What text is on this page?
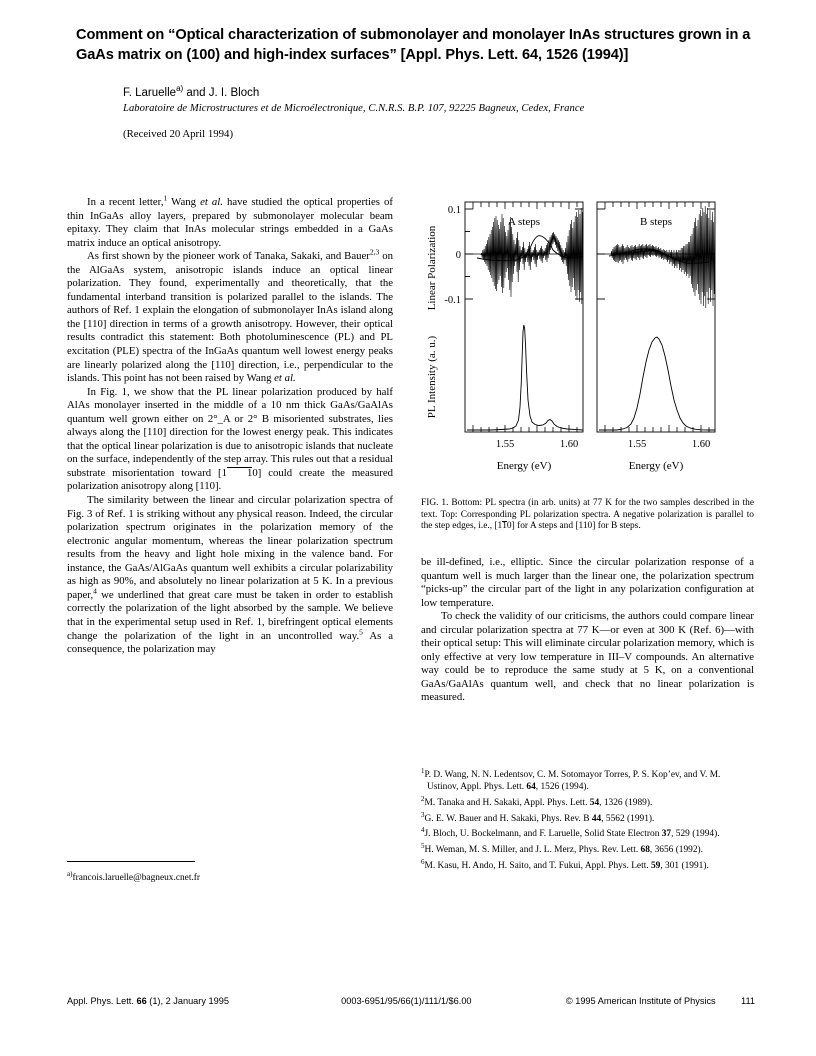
Comment on “Optical characterization of submonolayer and monolayer InAs structures grown in a GaAs matrix on (100) and high-index surfaces” [Appl. Phys. Lett. 64, 1526 (1994)]
F. Laruelle$^{a)}$ and J. I. Bloch
Laboratoire de Microstructures et de Microélectronique, C.N.R.S. B.P. 107, 92225 Bagneux, Cedex, France
(Received 20 April 1994)

In a recent letter,$^1$ Wang et al. have studied the optical properties of thin InGaAs alloy layers, prepared by submonolayer molecular beam epitaxy. They claim that InAs molecular strings embedded in a GaAs matrix induce an optical anisotropy.

As first shown by the pioneer work of Tanaka, Sakaki, and Bauer$^{2,3}$ on the AlGaAs system, anisotropic islands induce an optical linear polarization. They found, experimentally and theoretically, that the fundamental interband transition is polarized parallel to the islands. The authors of Ref. 1 explain the elongation of submonolayer InAs island along the [110] direction in terms of a growth anisotropy. However, their optical results contradict this statement: Both photoluminescence (PL) and PL excitation (PLE) spectra of the InGaAs quantum well lowest energy peaks are linearly polarized along the [110] direction, i.e., perpendicular to the islands. This point has not been raised by Wang et al.

In Fig. 1, we show that the PL linear polarization produced by half AlAs monolayer inserted in the middle of a 10 nm thick GaAs/GaAlAs quantum well grown either on 2°_A or 2° B misoriented substrates, lies always along the [110] direction for the lowest energy peak. This indicates that the optical linear polarization is due to anisotropic islands that nucleate on the surface, independently of the step array. This rules out that a residual substrate misorientation toward [1 10] could create the measured polarization anisotropy along [110].

The similarity between the linear and circular polarization spectra of Fig. 3 of Ref. 1 is striking without any physical reason. Indeed, the circular polarization spectrum originates in the polarization memory of the electronic angular momentum, whereas the linear polarization spectrum results from the heavy and light hole mixing in the valence band. For instance, the GaAs/AlGaAs quantum well exhibits a circular polarizability as high as 90%, and absolutely no linear polarization at 5 K. In a previous paper,$^4$ we underlined that great care must be taken in order to establish correctly the polarization of the light absorbed by the sample. We believe that in the experimental setup used in Ref. 1, birefringent optical elements change the polarization of the light in an uncontrolled way.$^5$ As a consequence, the polarization may

$^{a)}$francois.laruelle@bagneux.cnet.fr
Linear Polarization
PL Intensity (a. u.)
0.1
0
-0.1
A steps	B steps
1.55	1.60	1.55	1.60
Energy (eV)	Energy (eV)
FIG. 1. Bottom: PL spectra (in arb. units) at 77 K for the two samples described in the text. Top: Corresponding PL polarization spectra. A negative polarization is parallel to the step edges, i.e., [110] for A steps and [110] for B steps.

be ill-defined, i.e., elliptic. Since the circular polarization response of a quantum well is much larger than the linear one, the polarization spectrum “picks-up” the circular part of the light in any polarization configuration at low temperature.

To check the validity of our criticisms, the authors could compare linear and circular polarization spectra at 77 K—or even at 300 K (Ref. 6)—with their optical setup: This will eliminate circular polarization memory, which is only effective at very low temperature in III–V compounds. An alternative way could be to reproduce the same study at 5 K, on a conventional GaAs/GaAlAs quantum well, and check that no linear polarization is measured.

$^1$P. D. Wang, N. N. Ledentsov, C. M. Sotomayor Torres, P. S. Kop’ev, and V. M. Ustinov, Appl. Phys. Lett. 64, 1526 (1994).

$^2$M. Tanaka and H. Sakaki, Appl. Phys. Lett. 54, 1326 (1989).

$^3$G. E. W. Bauer and H. Sakaki, Phys. Rev. B 44, 5562 (1991).

$^4$J. Bloch, U. Bockelmann, and F. Laruelle, Solid State Electron 37, 529 (1994).

$^5$H. Weman, M. S. Miller, and J. L. Merz, Phys. Rev. Lett. 68, 3656 (1992).

$^6$M. Kasu, H. Ando, H. Saito, and T. Fukui, Appl. Phys. Lett. 59, 301 (1991).

Appl. Phys. Lett. 66 (1), 2 January 1995	0003-6951/95/66(1)/111/1/$6.00	© 1995 American Institute of Physics	111
